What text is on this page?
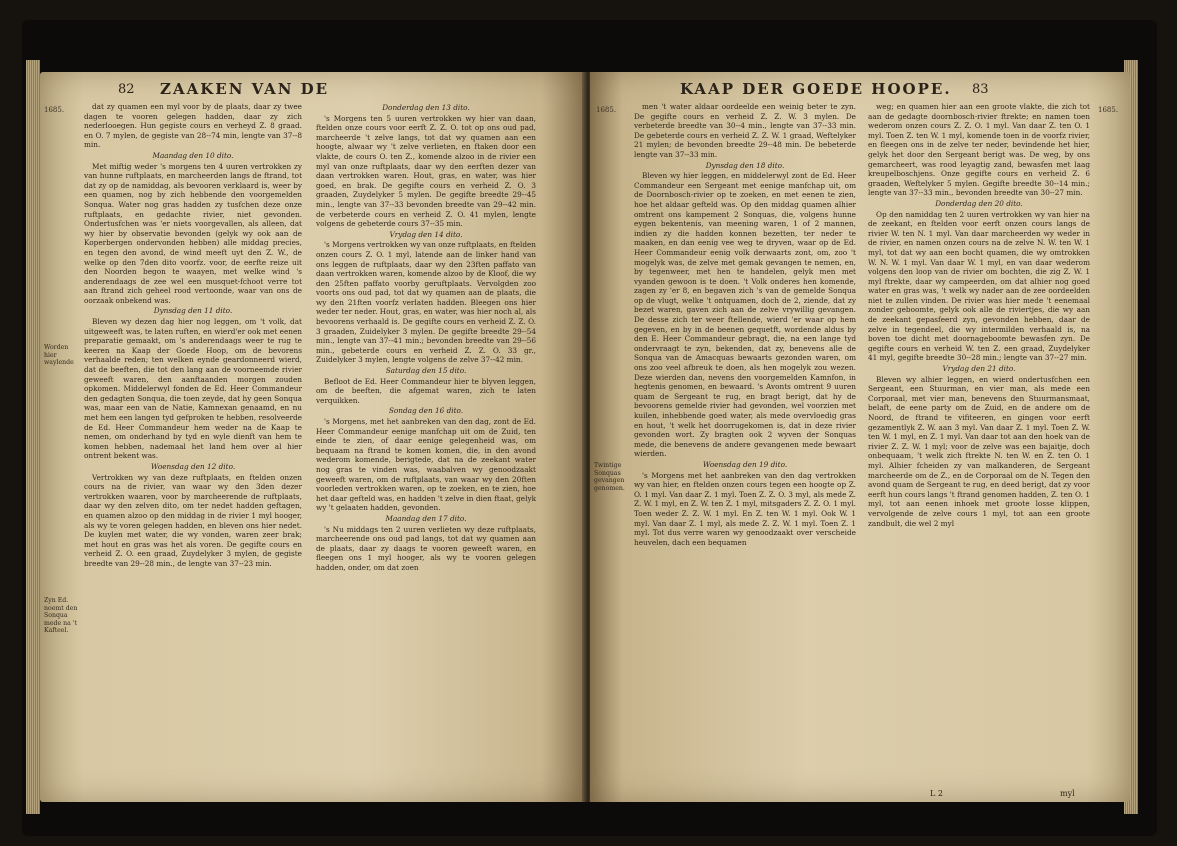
82 ZAAKEN VAN DE
1685.
Worden hier waylende
Zyn Ed. noemt den Sonqua mede na 't Kafteel.

dat zy quamen een myl voor by de plaats, daar zy twee dagen te vooren gelegen hadden, daar zy zich nederlooegen. Hun gegiste cours en verheyd Z. 8 graad. en O. 7 mylen, de gegiste van 28--74 min, lengte van 37--8 min.

Maandag den 10 dito.

Met miftig weder 's morgens ten 4 uuren vertrokken zy van hunne ruftplaats, en marcheerden langs de ftrand, tot dat zy op de namiddag, als bevooren verklaard is, weer by een quamen, nog by zich hebbende den voorgemelden Sonqua. Water nog gras hadden zy tusfchen deze onze ruftplaats, en gedachte rivier, niet gevonden. Ondertusfchen was 'er niets voorgevallen, als alleen, dat wy hier by observatie bevonden (gelyk wy ook aan de Koperbergen ondervonden hebben) alle middag precies, en tegen den avond, de wind meeft uyt den Z. W., de welke op den 7den dito voorfz. voor, de eerfte reize uit den Noorden begon te waayen, met welke wind 's anderendaags de zee wel een musquet-fchoot verre tot aan ftrand zich geheel rood vertoonde, waar van ons de oorzaak onbekend was.

Dynsdag den 11 dito.

Bleven wy dezen dag hier nog leggen, om 't volk, dat uitgeweeft was, te laten ruften, en wierd'er ook met eenen preparatie gemaakt, om 's anderendaags weer te rug te keeren na Kaap der Goede Hoop, om de bevorens verhaalde reden; ten welken eynde geardonneerd wierd, dat de beeften, die tot den lang aan de voorneemde rivier geweeft waren, den aanftaanden morgen zouden opkomen. Middelerwyl fonden de Ed. Heer Commandeur den gedagten Sonqua, die toen zeyde, dat hy geen Sonqua was, maar een van de Natie, Kamnexan genaamd, en nu met hem een langen tyd gefproken te hebben, resolveerde de Ed. Heer Commandeur hem weder na de Kaap te nemen, om onderhand by tyd en wyle dienft van hem te komen hebben, nademaal het land hem over al hier ontrent bekent was.

Woensdag den 12 dito.

Vertrokken wy van deze ruftplaats, en ftelden onzen cours na de rivier, van waar wy den 3den dezer vertrokken waaren, voor by marcheerende de ruftplaats, daar wy den zelven dito, om ter nedet hadden geftagen, en quamen alzoo op den middag in de rivier 1 myl hooger, als wy te voren gelegen hadden, en bleven ons hier nedet. De kuylen met water, die wy vonden, waren zeer brak; met hout en gras was het als voren. De gegifte cours en verheid Z. O. een graad, Zuydelyker 3 mylen, de gegiste breedte van 29--28 min., de lengte van 37--23 min.

Donderdag den 13 dito.

's Morgens ten 5 uuren vertrokken wy hier van daan, ftelden onze cours voor eerft Z. Z. O. tot op ons oud pad, marcheerde 't zelve langs, tot dat wy quamen aan een hoogte, alwaar wy 't zelve verlieten, en ftaken door een vlakte, de cours O. ten Z., komende alzoo in de rivier een myl van onze ruftplaats, daar wy den eerften dezer van daan vertrokken waren. Hout, gras, en water, was hier goed, en brak. De gegifte cours en verheid Z. O. 3 graaden, Zuydelyker 5 mylen. De gegifte breedte 29--45 min., lengte van 37--33 bevonden breedte van 29--42 min. de verbeterde cours en verheid Z. O. 41 mylen, lengte volgens de gebeterde cours 37--35 min.

Vrydag den 14 dito.

's Morgens vertrokken wy van onze ruftplaats, en ftelden onzen cours Z. O. 1 myl, latende aan de linker hand van ons leggen de ruftplaats, daar wy den 23ften paffato van daan vertrokken waren, komende alzoo by de Kloof, die wy den 25ften paffato voorby geruftplaats. Vervolgden zoo voorts ons oud pad, tot dat wy quamen aan de plaats, die wy den 21ften voorfz verlaten hadden. Bleegen ons hier weder ter neder. Hout, gras, en water, was hier noch al, als bevoorens verhaald is. De gegifte cours en verheid Z. Z. O. 3 graaden, Zuidelyker 3 mylen. De gegifte breedte 29--54 min., lengte van 37--41 min.; bevonden breedte van 29--56 min., gebeterde cours en verheid Z. Z. O. 33 gr., Zuidelyker 3 mylen, lengte volgens de zelve 37--42 min.

Saturdag den 15 dito.

Befloot de Ed. Heer Commandeur hier te blyven leggen, om de beeften, die afgemat waren, zich te laten verquikken.

Sondag den 16 dito.

's Morgens, met het aanbreken van den dag, zont de Ed. Heer Commandeur eenige manfchap uit om de Zuid, ten einde te zien, of daar eenige gelegenheid was, om bequaam na ftrand te komen komen, die, in den avond wederom komende, berigtede, dat na de zeekant water nog gras te vinden was, waabalven wy genoodzaakt geweeft waren, om de ruftplaats, van waar wy den 20ften voorleden vertrokken waren, op te zoeken, en te zien, hoe het daar gefteld was, en hadden 't zelve in dien ftaat, gelyk wy 't gelaaten hadden, gevonden.

Maandag den 17 dito.

's Nu middags ten 2 uuren verlieten wy deze ruftplaats, marcheerende ons oud pad langs, tot dat wy quamen aan de plaats, daar zy daags te vooren geweeft waren, en fleegen ons 1 myl hooger, als wy te vooren gelegen hadden, onder, om dat zoen

KAAP DER GOEDE HOOPE. 83
1685.	1685.
Twintige Sonquas gevangen genomen.

men 't water aldaar oordeelde een weinig beter te zyn. De gegifte cours en verheid Z. Z. W. 3 mylen. De verbeterde breedte van 30--4 min., lengte van 37--33 min. De gebeterde cours en verheid Z. Z. W. 1 graad, Weftelyker 21 mylen; de bevonden breedte 29--48 min. De bebeterde lengte van 37--33 min.

Dynsdag den 18 dito.

Bleven wy hier leggen, en middelerwyl zont de Ed. Heer Commandeur een Sergeant met eenige manfchap uit, om de Doornbosch-rivier op te zoeken, en met eenen te zien, hoe het aldaar gefteld was. Op den middag quamen alhier omtrent ons kampement 2 Sonquas, die, volgens hunne eygen bekentenis, van meening waren, 1 of 2 mannen, indien zy die hadden konnen bezetten, ter neder te maaken, en dan eenig vee weg te dryven, waar op de Ed. Heer Commandeur eenig volk derwaarts zont, om, zoo 't mogelyk was, de zelve met gemak gevangen te nemen, en, by tegenweer, met hen te handelen, gelyk men met vyanden gewoon is te doen. 't Volk onderes hen komende, zagen zy 'er 8, en begaven zich 's van de gemelde Sonqua op de vlugt, welke 't ontquamen, doch de 2, ziende, dat zy bezet waren, gaven zich aan de zelve vrywillig gevangen. De desse zich ter weer ftellende, wierd 'er waar op hem gegeven, en by in de beenen gequetft, wordende aldus by den E. Heer Commandeur gebragt, die, na een lange tyd ondervraagt te zyn, bekenden, dat zy, benevens alle de Sonqua van de Amacquas bewaarts gezonden waren, om ons zoo veel afbreuk te doen, als hen mogelyk zou wezen. Deze wierden dan, nevens den voorgemelden Kamnfon, in hegtenis genomen, en bewaard. 's Avonts omtrent 9 uuren quam de Sergeant te rug, en bragt berigt, dat hy de bevoorens gemelde rivier had gevonden, wel voorzien met kuilen, inhebbende goed water, als mede overvloedig gras en hout, 't welk het doorrugekomen is, dat in deze rivier gevonden wort. Zy bragten ook 2 wyven der Sonquas mede, die benevens de andere gevangenen mede bewaart wierden.

Woensdag den 19 dito.

's Morgens met het aanbreken van den dag vertrokken wy van hier, en ftelden onzen cours tegen een hoogte op Z. O. 1 myl. Van daar Z. 1 myl. Toen Z. Z. O. 3 myl, als mede Z. Z. W. 1 myl, en Z. W. ten Z. 1 myl, mitsgaders Z. Z. O. 1 myl. Toen weder Z. Z. W. 1 myl. En Z. ten W. 1 myl. Ook W. 1 myl. Van daar Z. 1 myl, als mede Z. Z. W. 1 myl. Toen Z. 1 myl. Tot dus verre waren wy genoodzaakt over verscheide heuvelen, dach een bequamen

weg; en quamen hier aan een groote vlakte, die zich tot aan de gedagte doornbosch-rivier ftrekte; en namen toen wederom onzen cours Z. Z. O. 1 myl. Van daar Z. ten O. 1 myl. Toen Z. ten W. 1 myl, komende toen in de voorfz rivier, en fleegen ons in de zelve ter neder, bevindende het hier, gelyk het door den Sergeant berigt was. De weg, by ons gemarcheert, was rood leyagtig zand, bewasfen met laag kreupelboschjens. Onze gegifte cours en verheid Z. 6 graaden, Weftelyker 5 mylen. Gegifte breedte 30--14 min.; lengte van 37--33 min., bevonden breedte van 30--27 min.

Donderdag den 20 dito.

Op den namiddag ten 2 uuren vertrokken wy van hier na de zeekant, en ftelden voor eerft onzen cours langs de rivier W. ten N. 1 myl. Van daar marcheerden wy weder in de rivier, en namen onzen cours na de zelve N. W. ten W. 1 myl, tot dat wy aan een bocht quamen, die wy omtrokken W. N. W. 1 myl. Van daar W. 1 myl, en van daar wederom volgens den loop van de rivier om bochten, die zig Z. W. 1 myl ftrekte, daar wy campeerden, om dat alhier nog goed water en gras was, 't welk wy nader aan de zee oordeelden niet te zullen vinden. De rivier was hier mede 't eenemaal zonder geboomte, gelyk ook alle de riviertjes, die wy aan de zeekant gepasfeerd zyn, gevonden hebben, daar de zelve in tegendeel, die wy intermilden verhaald is, na boven toe dicht met doornageboomte bewasfen zyn. De gegifte cours en verheid W. ten Z. een graad, Zuydelyker 41 myl, gegifte breedte 30--28 min.; lengte van 37--27 min.

Vrydag den 21 dito.

Bleven wy alhier leggen, en wierd ondertusfchen een Sergeant, een Stuurman, en vier man, als mede een Corporaal, met vier man, benevens den Stuurmansmaat, belaft, de eene party om de Zuid, en de andere om de Noord, de ftrand te vifiteeren, en gingen voor eerft gezamentlyk Z. W. aan 3 myl. Van daar Z. 1 myl. Toen Z. W. ten W. 1 myl, en Z. 1 myl. Van daar tot aan den hoek van de rivier Z. Z. W. 1 myl; voor de zelve was een bajaitje, doch onbequaam, 't welk zich ftrekte N. ten W. en Z. ten O. 1 myl. Alhier fcheiden zy van malkanderen, de Sergeant marcheerde om de Z., en de Corporaal om de N. Tegen den avond quam de Sergeant te rug, en deed berigt, dat zy voor eerft hun cours langs 't ftrand genomen hadden, Z. ten O. 1 myl, tot aan eenen inhoek met groote losse klippen, vervolgende de zelve cours 1 myl, tot aan een groote zandbult, die wel 2 myl

L 2	myl
